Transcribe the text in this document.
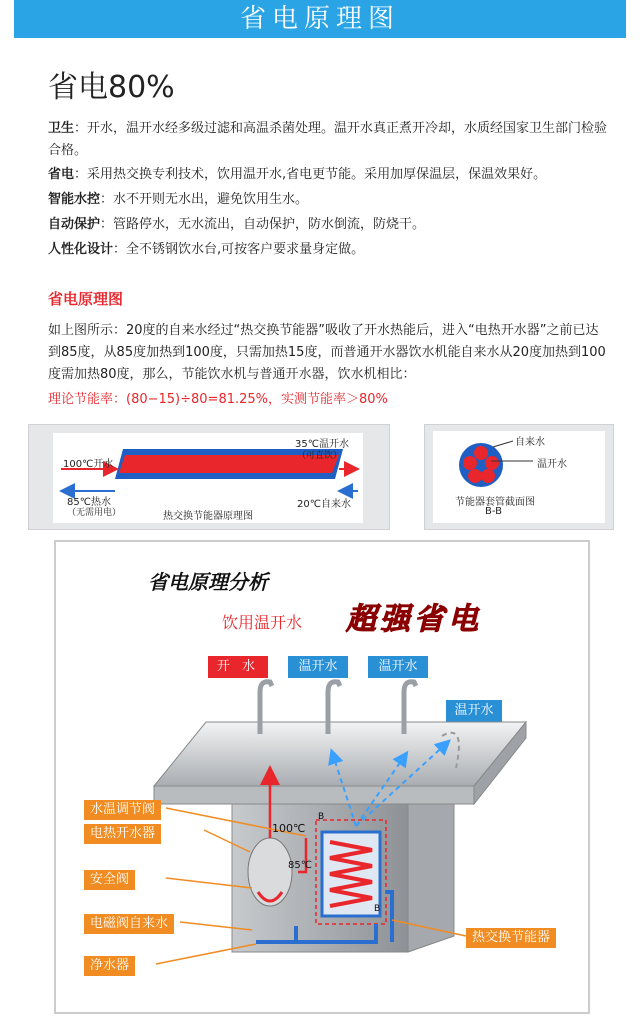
省电原理图
省电80%
卫生：开水，温开水经多级过滤和高温杀菌处理。温开水真正煮开冷却，水质经国家卫生部门检验合格。
省电：采用热交换专利技术，饮用温开水,省电更节能。采用加厚保温层，保温效果好。
智能水控：水不开则无水出，避免饮用生水。
自动保护：管路停水，无水流出，自动保护，防水倒流，防烧干。
人性化设计：全不锈钢饮水台,可按客户要求量身定做。
省电原理图
如上图所示：20度的自来水经过“热交换节能器”吸收了开水热能后，进入“电热开水器”之前已达到85度，从85度加热到100度，只需加热15度，而普通开水器饮水机能自来水从20度加热到100度需加热80度，那么，节能饮水机与普通开水器，饮水机相比：
理论节能率：(80−15)÷80=81.25%，实测节能率＞80%
100℃开水
35℃温开水
（可直饮）
85℃热水
（无需用电）
20℃自来水
热交换节能器原理图
自来水
温开水
节能器套管截面图
B-B
省电原理分析
饮用温开水 超强省电
开 水	温开水	温开水
温开水
100℃
85℃
B
B
水温调节阀
电热开水器
安全阀
电磁阀自来水
净水器
热交换节能器
